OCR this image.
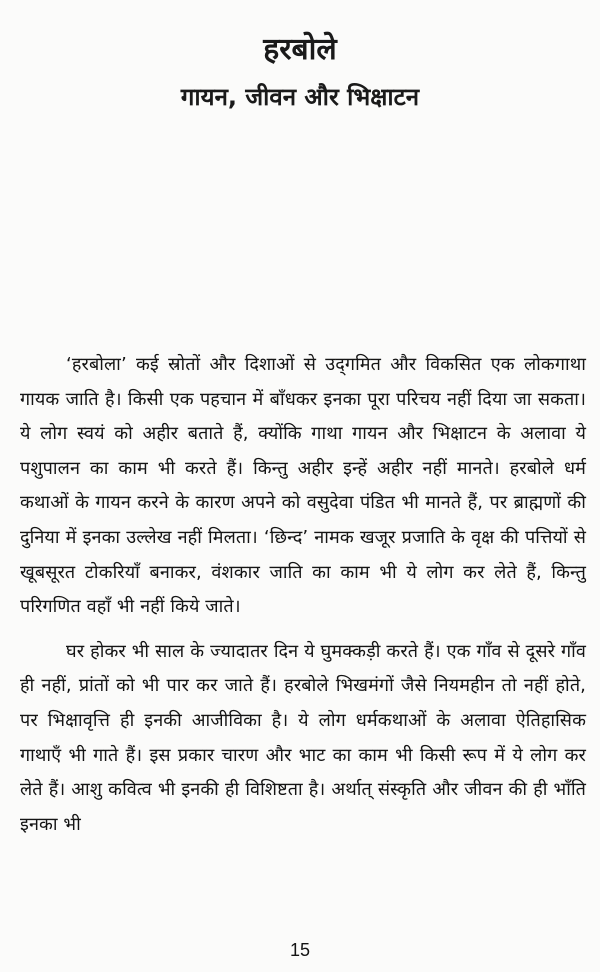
हरबोले
गायन, जीवन और भिक्षाटन

‘हरबोला’ कई स्रोतों और दिशाओं से उद्‌गमित और विकसित एक लोकगाथा गायक जाति है। किसी एक पहचान में बाँधकर इनका पूरा परिचय नहीं दिया जा सकता। ये लोग स्वयं को अहीर बताते हैं, क्योंकि गाथा गायन और भिक्षाटन के अलावा ये पशुपालन का काम भी करते हैं। किन्तु अहीर इन्हें अहीर नहीं मानते। हरबोले धर्म कथाओं के गायन करने के कारण अपने को वसुदेवा पंडित भी मानते हैं, पर ब्राह्मणों की दुनिया में इनका उल्लेख नहीं मिलता। ‘छिन्द’ नामक खजूर प्रजाति के वृक्ष की पत्तियों से खूबसूरत टोकरियाँ बनाकर, वंशकार जाति का काम भी ये लोग कर लेते हैं, किन्तु परिगणित वहाँ भी नहीं किये जाते।

घर होकर भी साल के ज्यादातर दिन ये घुमक्कड़ी करते हैं। एक गाँव से दूसरे गाँव ही नहीं, प्रांतों को भी पार कर जाते हैं। हरबोले भिखमंगों जैसे नियमहीन तो नहीं होते, पर भिक्षावृत्ति ही इनकी आजीविका है। ये लोग धर्मकथाओं के अलावा ऐतिहासिक गाथाएँ भी गाते हैं। इस प्रकार चारण और भाट का काम भी किसी रूप में ये लोग कर लेते हैं। आशु कवित्व भी इनकी ही विशिष्टता है। अर्थात् संस्कृति और जीवन की ही भाँति इनका भी

15
